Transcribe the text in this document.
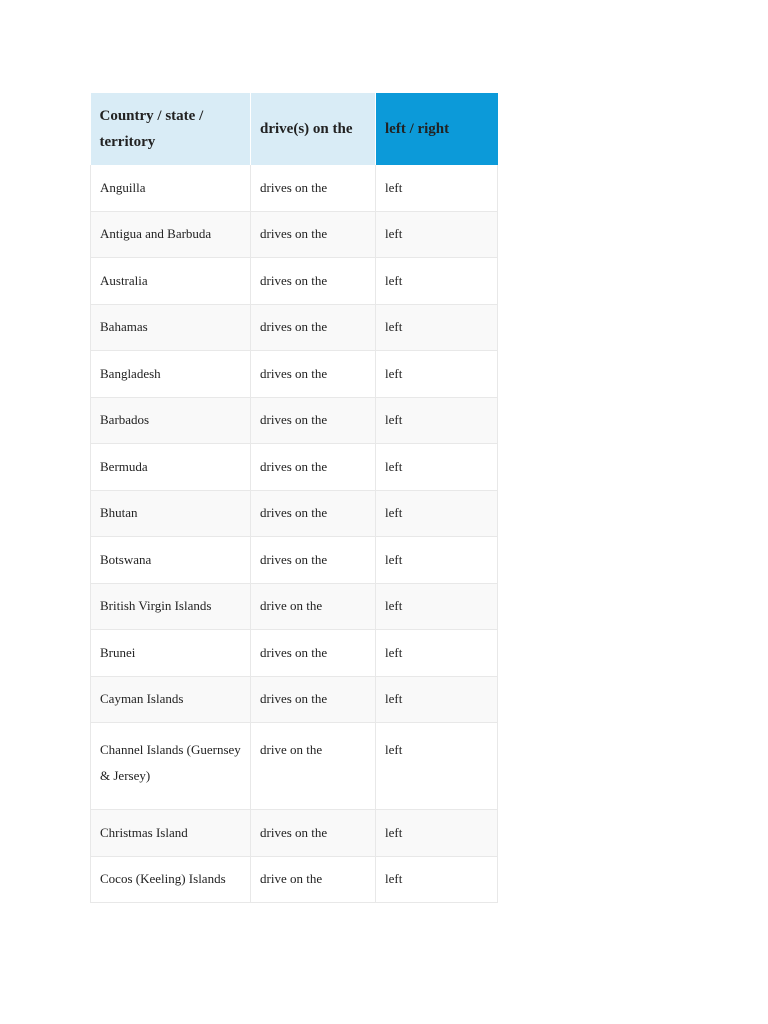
Country / state / territory	drive(s) on the	left / right
Anguilla	drives on the	left
Antigua and Barbuda	drives on the	left
Australia	drives on the	left
Bahamas	drives on the	left
Bangladesh	drives on the	left
Barbados	drives on the	left
Bermuda	drives on the	left
Bhutan	drives on the	left
Botswana	drives on the	left
British Virgin Islands	drive on the	left
Brunei	drives on the	left
Cayman Islands	drives on the	left
Channel Islands (Guernsey & Jersey)	drive on the	left
Christmas Island	drives on the	left
Cocos (Keeling) Islands	drive on the	left
